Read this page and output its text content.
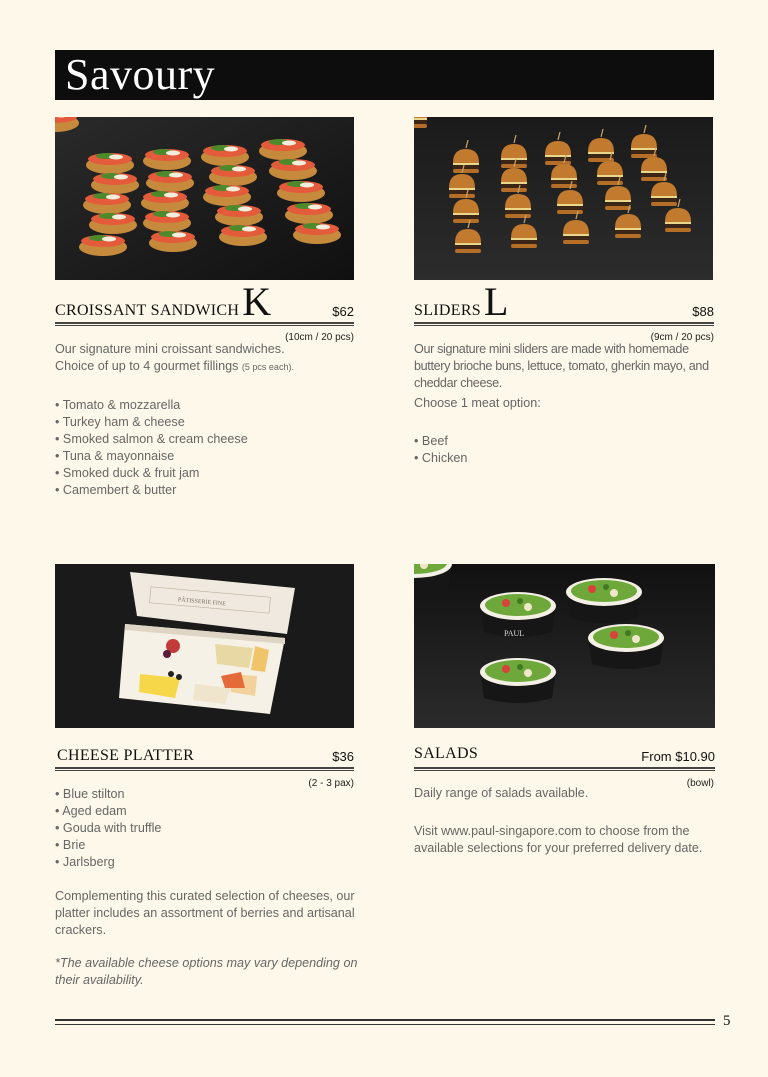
Savoury
CROISSANT SANDWICHK	$62
(10cm / 20 pcs)
Our signature mini croissant sandwiches.
Choice of up to 4 gourmet fillings (5 pcs each).
• Tomato & mozzarella
• Turkey ham & cheese
• Smoked salmon & cream cheese
• Tuna & mayonnaise
• Smoked duck & fruit jam
• Camembert & butter
SLIDERSL	$88
(9cm / 20 pcs)
Our signature mini sliders are made with homemade buttery brioche buns, lettuce, tomato, gherkin mayo, and cheddar cheese.
Choose 1 meat option:
• Beef
• Chicken
PÂTISSERIE FINE
CHEESE PLATTER	$36
(2 - 3 pax)
• Blue stilton
• Aged edam
• Gouda with truffle
• Brie
• Jarlsberg
Complementing this curated selection of cheeses, our platter includes an assortment of berries and artisanal crackers.
*The available cheese options may vary depending on their availability.
PAUL
SALADS	From $10.90
(bowl)
Daily range of salads available.
Visit www.paul-singapore.com to choose from the available selections for your preferred delivery date.
5
